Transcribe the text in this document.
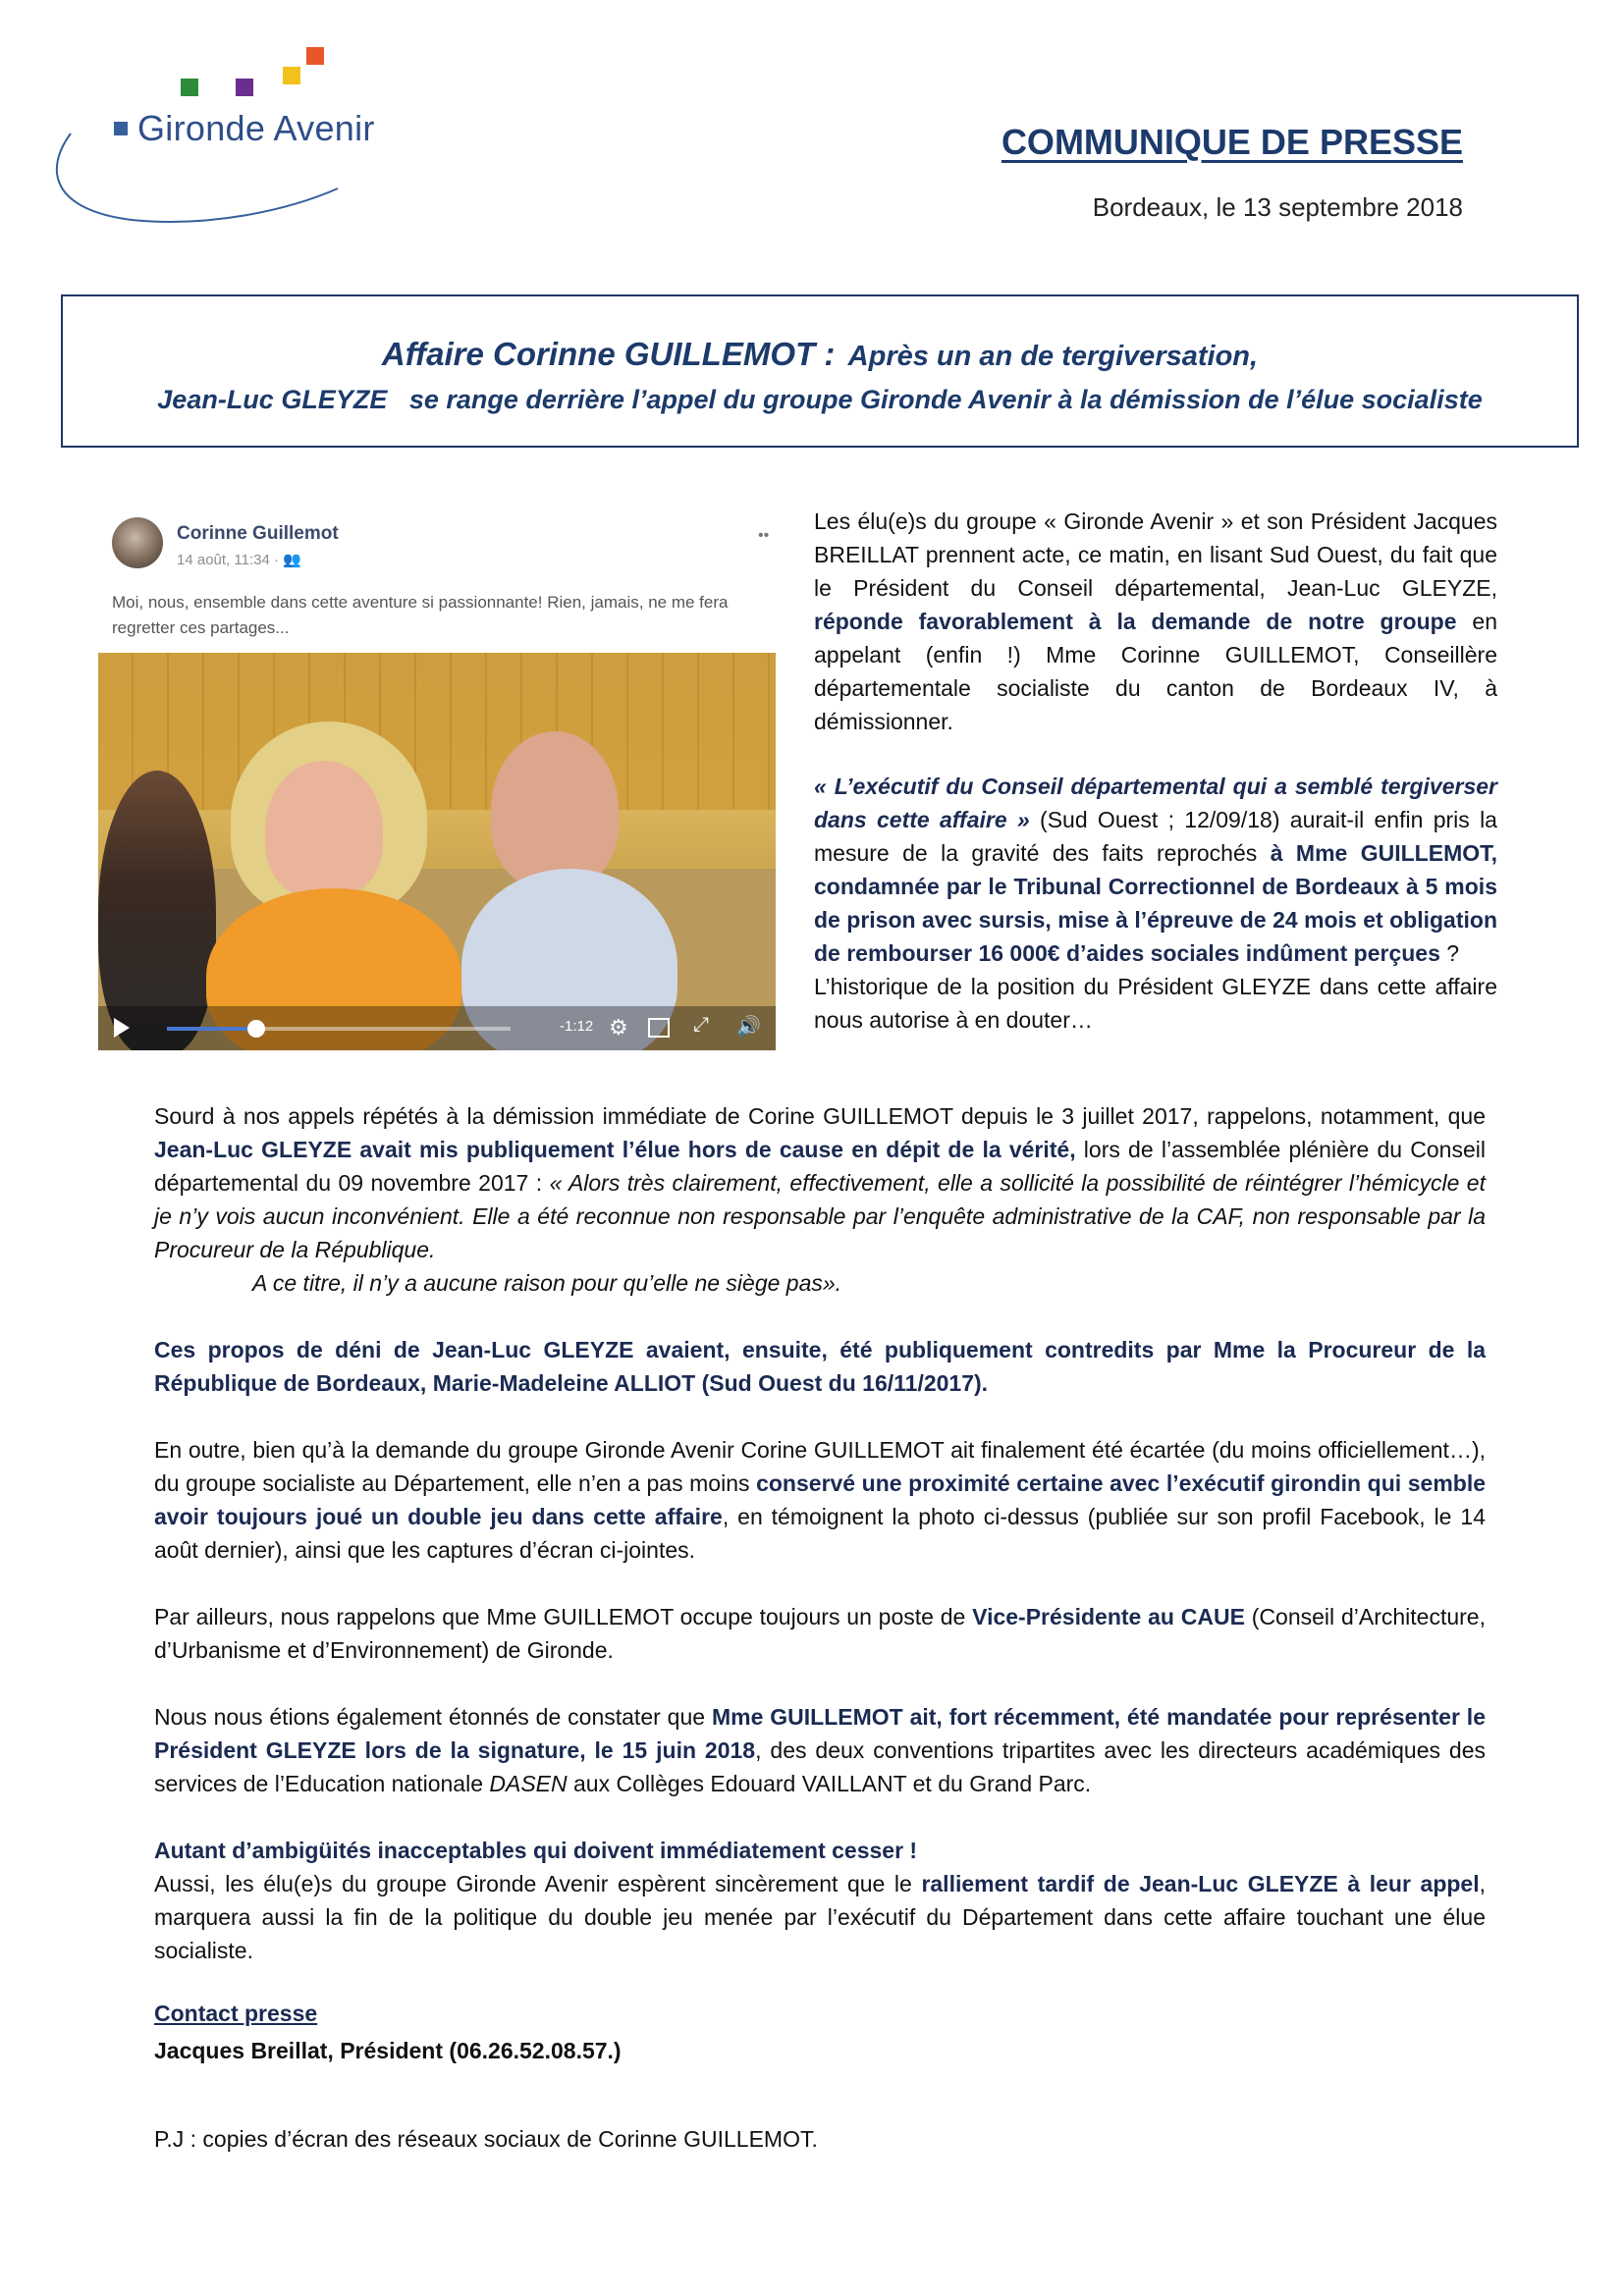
Gironde Avenir	COMMUNIQUE DE PRESSE
Bordeaux, le 13 septembre 2018
Affaire Corinne GUILLEMOT : Après un an de tergiversation,
Jean-Luc GLEYZE se range derrière l’appel du groupe Gironde Avenir à la démission de l’élue socialiste
Corinne Guillemot
14 août, 11:34 · 👥
••
Moi, nous, ensemble dans cette aventure si passionnante! Rien, jamais, ne me fera regretter ces partages...
-1:12 ⚙	⤢ 🔊
Les élu(e)s du groupe « Gironde Avenir » et son Président Jacques BREILLAT prennent acte, ce matin, en lisant Sud Ouest, du fait que le Président du Conseil départemental, Jean-Luc GLEYZE, réponde favorablement à la demande de notre groupe en appelant (enfin !) Mme Corinne GUILLEMOT, Conseillère départementale socialiste du canton de Bordeaux IV, à démissionner.
« L’exécutif du Conseil départemental qui a semblé tergiverser dans cette affaire » (Sud Ouest ; 12/09/18) aurait-il enfin pris la mesure de la gravité des faits reprochés à Mme GUILLEMOT, condamnée par le Tribunal Correctionnel de Bordeaux à 5 mois de prison avec sursis, mise à l’épreuve de 24 mois et obligation de rembourser 16 000€ d’aides sociales indûment perçues ?
L’historique de la position du Président GLEYZE dans cette affaire nous autorise à en douter…
Sourd à nos appels répétés à la démission immédiate de Corine GUILLEMOT depuis le 3 juillet 2017, rappelons, notamment, que Jean-Luc GLEYZE avait mis publiquement l’élue hors de cause en dépit de la vérité, lors de l’assemblée plénière du Conseil départemental du 09 novembre 2017 : « Alors très clairement, effectivement, elle a sollicité la possibilité de réintégrer l’hémicycle et je n’y vois aucun inconvénient. Elle a été reconnue non responsable par l’enquête administrative de la CAF, non responsable par la Procureur de la République.
A ce titre, il n’y a aucune raison pour qu’elle ne siège pas».
Ces propos de déni de Jean-Luc GLEYZE avaient, ensuite, été publiquement contredits par Mme la Procureur de la République de Bordeaux, Marie-Madeleine ALLIOT (Sud Ouest du 16/11/2017).
En outre, bien qu’à la demande du groupe Gironde Avenir Corine GUILLEMOT ait finalement été écartée (du moins officiellement…), du groupe socialiste au Département, elle n’en a pas moins conservé une proximité certaine avec l’exécutif girondin qui semble avoir toujours joué un double jeu dans cette affaire, en témoignent la photo ci-dessus (publiée sur son profil Facebook, le 14 août dernier), ainsi que les captures d’écran ci-jointes.
Par ailleurs, nous rappelons que Mme GUILLEMOT occupe toujours un poste de Vice-Présidente au CAUE (Conseil d’Architecture, d’Urbanisme et d’Environnement) de Gironde.
Nous nous étions également étonnés de constater que Mme GUILLEMOT ait, fort récemment, été mandatée pour représenter le Président GLEYZE lors de la signature, le 15 juin 2018, des deux conventions tripartites avec les directeurs académiques des services de l’Education nationale DASEN aux Collèges Edouard VAILLANT et du Grand Parc.
Autant d’ambigüités inacceptables qui doivent immédiatement cesser !
Aussi, les élu(e)s du groupe Gironde Avenir espèrent sincèrement que le ralliement tardif de Jean-Luc GLEYZE à leur appel, marquera aussi la fin de la politique du double jeu menée par l’exécutif du Département dans cette affaire touchant une élue socialiste.
Contact presse
Jacques Breillat, Président (06.26.52.08.57.)
P.J : copies d’écran des réseaux sociaux de Corinne GUILLEMOT.
